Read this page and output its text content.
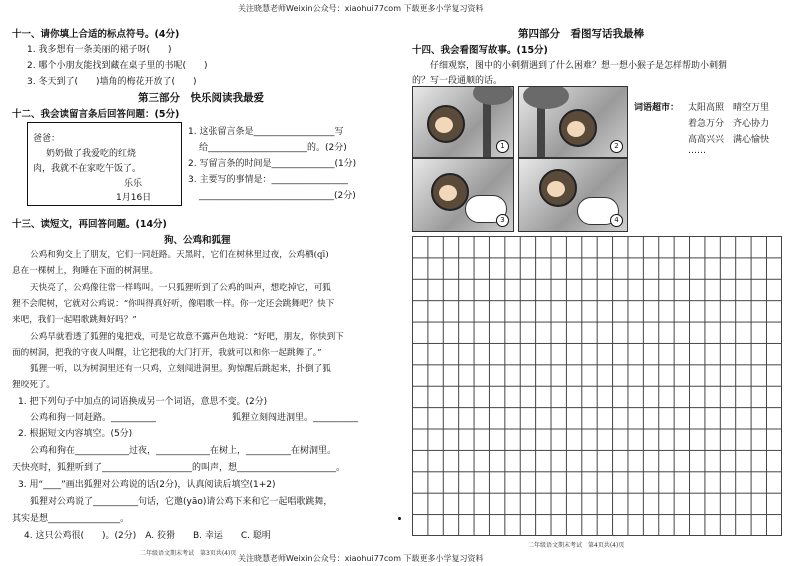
关注晓慧老师Weixin公众号：xiaohui77com 下载更多小学复习资料
十一、请你填上合适的标点符号。(4分)
1. 我多想有一条美丽的裙子呀(　　)
2. 哪个小朋友能找到藏在桌子里的书呢(　　)
3. 冬天到了(　　)墙角的梅花开放了(　　)
第三部分　快乐阅读我最爱
十二、我会读留言条后回答问题：(5分)
爸爸：
奶奶做了我爱吃的红烧
肉，我就不在家吃午饭了。
乐乐
1月16日
1. 这张留言条是__________________写
给______________________的。(2分)
2. 写留言条的时间是______________(1分)
3. 主要写的事情是：_________________
______________________________(2分)
十三、读短文，再回答问题。(14分)
狗、公鸡和狐狸
公鸡和狗交上了朋友，它们一同赶路。天黑时，它们在树林里过夜，公鸡栖(qī)
息在一棵树上，狗睡在下面的树洞里。
天快亮了，公鸡像往常一样鸣叫。一只狐狸听到了公鸡的叫声，想吃掉它，可狐
狸不会爬树，它就对公鸡说：“你叫得真好听，像唱歌一样。你一定还会跳舞吧？快下
来吧，我们一起唱歌跳舞好吗？”
公鸡早就看透了狐狸的鬼把戏，可是它故意不露声色地说：“好吧，朋友，你快到下
面的树洞，把我的守夜人叫醒，让它把我的大门打开，我就可以和你一起跳舞了。”
狐狸一听，以为树洞里还有一只鸡，立刻闯进洞里。狗惊醒后跳起来，扑倒了狐
狸咬死了。
1. 把下列句子中加点的词语换成另一个词语，意思不变。(2分)
公鸡和狗一同赶路。__________	狐狸立刻闯进洞里。__________
2. 根据短文内容填空。(5分)
公鸡和狗在____________过夜，____________在树上，__________在树洞里。
天快亮时，狐狸听到了____________________的叫声，想______________________。
3. 用“____”画出狐狸对公鸡说的话(2分)，认真阅读后填空(1+2)
狐狸对公鸡说了__________句话，它邀(yāo)请公鸡下来和它一起唱歌跳舞，
其实是想________________。
4. 这只公鸡很(　　)。(2分)　A. 狡猾　　B. 幸运　　C. 聪明
二年级语文期末考试　第3页共(4)页
第四部分　看图写话我最棒
十四、我会看图写故事。(15分)
仔细观察，图中的小刺猬遇到了什么困难？想一想小猴子是怎样帮助小刺猬
的？写一段通顺的话。
1	2
3	4
词语超市： 太阳高照　晴空万里
着急万分　齐心协力
高高兴兴　满心愉快
……
二年级语文期末考试　第4页共(4)页
关注晓慧老师Weixin公众号：xiaohui77com 下载更多小学复习资料
